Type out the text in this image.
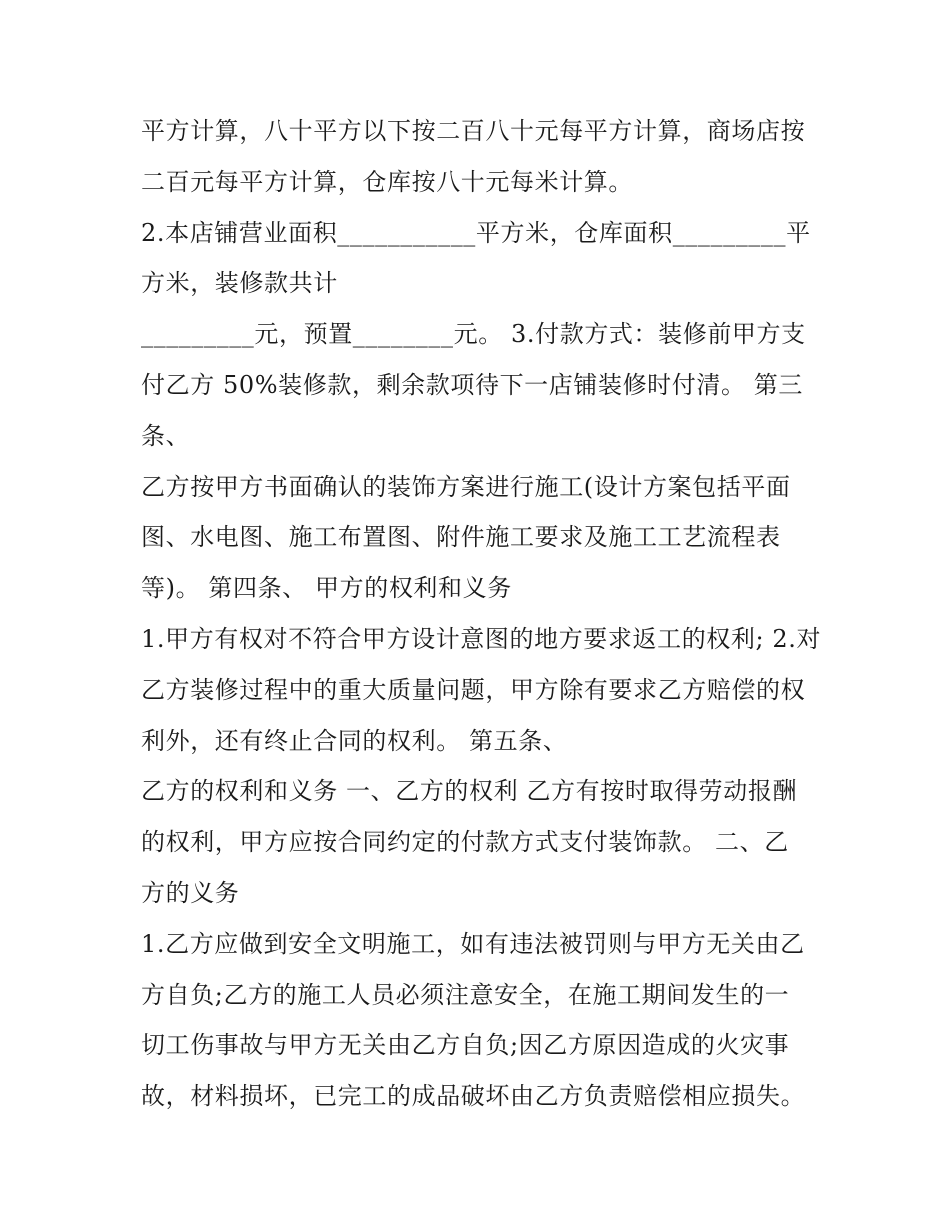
平方计算，八十平方以下按二百八十元每平方计算，商场店按
二百元每平方计算，仓库按八十元每米计算。
2.本店铺营业面积___________平方米，仓库面积_________平
方米，装修款共计
_________元，预置________元。 3.付款方式：装修前甲方支
付乙方 50%装修款，剩余款项待下一店铺装修时付清。 第三
条、
乙方按甲方书面确认的装饰方案进行施工(设计方案包括平面
图、水电图、施工布置图、附件施工要求及施工工艺流程表
等)。 第四条、 甲方的权利和义务
1.甲方有权对不符合甲方设计意图的地方要求返工的权利; 2.对
乙方装修过程中的重大质量问题，甲方除有要求乙方赔偿的权
利外，还有终止合同的权利。 第五条、
乙方的权利和义务 一、乙方的权利 乙方有按时取得劳动报酬
的权利，甲方应按合同约定的付款方式支付装饰款。 二、乙
方的义务
1.乙方应做到安全文明施工，如有违法被罚则与甲方无关由乙
方自负;乙方的施工人员必须注意安全，在施工期间发生的一
切工伤事故与甲方无关由乙方自负;因乙方原因造成的火灾事
故，材料损坏，已完工的成品破坏由乙方负责赔偿相应损失。
